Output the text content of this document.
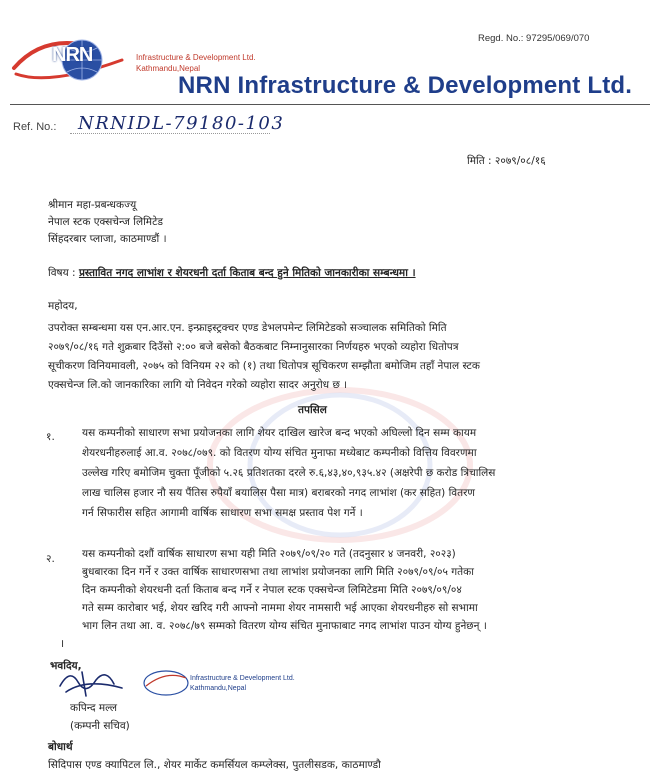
NRN	Infrastructure & Development Ltd.
Kathmandu,Nepal
Regd. No.: 97295/069/070
NRN Infrastructure & Development Ltd.
Ref. No.: NRNIDL-79180-103
मिति : २०७९/०८/१६
श्रीमान महा-प्रबन्धकज्यू
नेपाल स्टक एक्सचेन्ज लिमिटेड
सिंहदरबार प्लाजा, काठमाण्डौं ।
विषय : प्रस्तावित नगद लाभांश र शेयरधनी दर्ता किताब बन्द हुने मितिको जानकारीका सम्बन्धमा ।
महोदय,
उपरोक्त सम्बन्धमा यस एन.आर.एन. इन्फ्राइस्ट्रक्चर एण्ड डेभलपमेन्ट लिमिटेडको सञ्चालक समितिको मिति
२०७९/०८/१६ गते शुक्रबार दिउँसो २:०० बजे बसेको बैठकबाट निम्नानुसारका निर्णयहरु भएको व्यहोरा धितोपत्र
सूचीकरण विनियमावली, २०७५ को विनियम २२ को (१) तथा धितोपत्र सूचिकरण सम्झौता बमोजिम तहाँ नेपाल स्टक
एक्सचेन्ज लि.को जानकारिका लागि यो निवेदन गरेको व्यहोरा सादर अनुरोध छ ।
तपसिल
१.	यस कम्पनीको साधारण सभा प्रयोजनका लागि शेयर दाखिल खारेज बन्द भएको अघिल्लो दिन सम्म कायम
शेयरधनीहरुलाई आ.व. २०७८/०७९. को वितरण योग्य संचित मुनाफा मध्येबाट कम्पनीको वित्तिय विवरणमा
उल्लेख गरिए बमोजिम चुक्ता पूँजीको ५.२६ प्रतिशतका दरले रु.६,४३,४०,९३५.४२ (अक्षरेपी छ करोड त्रिचालिस
लाख चालिस हजार नौ सय पैंतिस रुपैयाँ बयालिस पैसा मात्र) बराबरको नगद लाभांश (कर सहित) वितरण
गर्न सिफारीस सहित आगामी वार्षिक साधारण सभा समक्ष प्रस्ताव पेश गर्ने ।
२.	यस कम्पनीको दशौं वार्षिक साधारण सभा यही मिति २०७९/०९/२० गते (तदनुसार ४ जनवरी, २०२३)
बुधबारका दिन गर्ने र उक्त वार्षिक साधारणसभा तथा लाभांश प्रयोजनका लागि मिति २०७९/०९/०५ गतेका
दिन कम्पनीको शेयरधनी दर्ता किताब बन्द गर्ने र नेपाल स्टक एक्सचेन्ज लिमिटेडमा मिति २०७९/०९/०४
गते सम्म कारोबार भई, शेयर खरिद गरी आफ्नो नाममा शेयर नामसारी भई आएका शेयरधनीहरु सो सभामा
भाग लिन तथा आ. व. २०७८/७९ सम्मको वितरण योग्य संचित मुनाफाबाट नगद लाभांश पाउन योग्य हुनेछन् ।
।
भवदिय,
Infrastructure & Development Ltd.
Kathmandu,Nepal
कपिन्द मल्ल
(कम्पनी सचिव)
बोधार्थ
सिदिपास एण्ड क्यापिटल लि., शेयर मार्केट कमर्सियल कम्प्लेक्स, पुतलीसडक, काठमाण्डौ
